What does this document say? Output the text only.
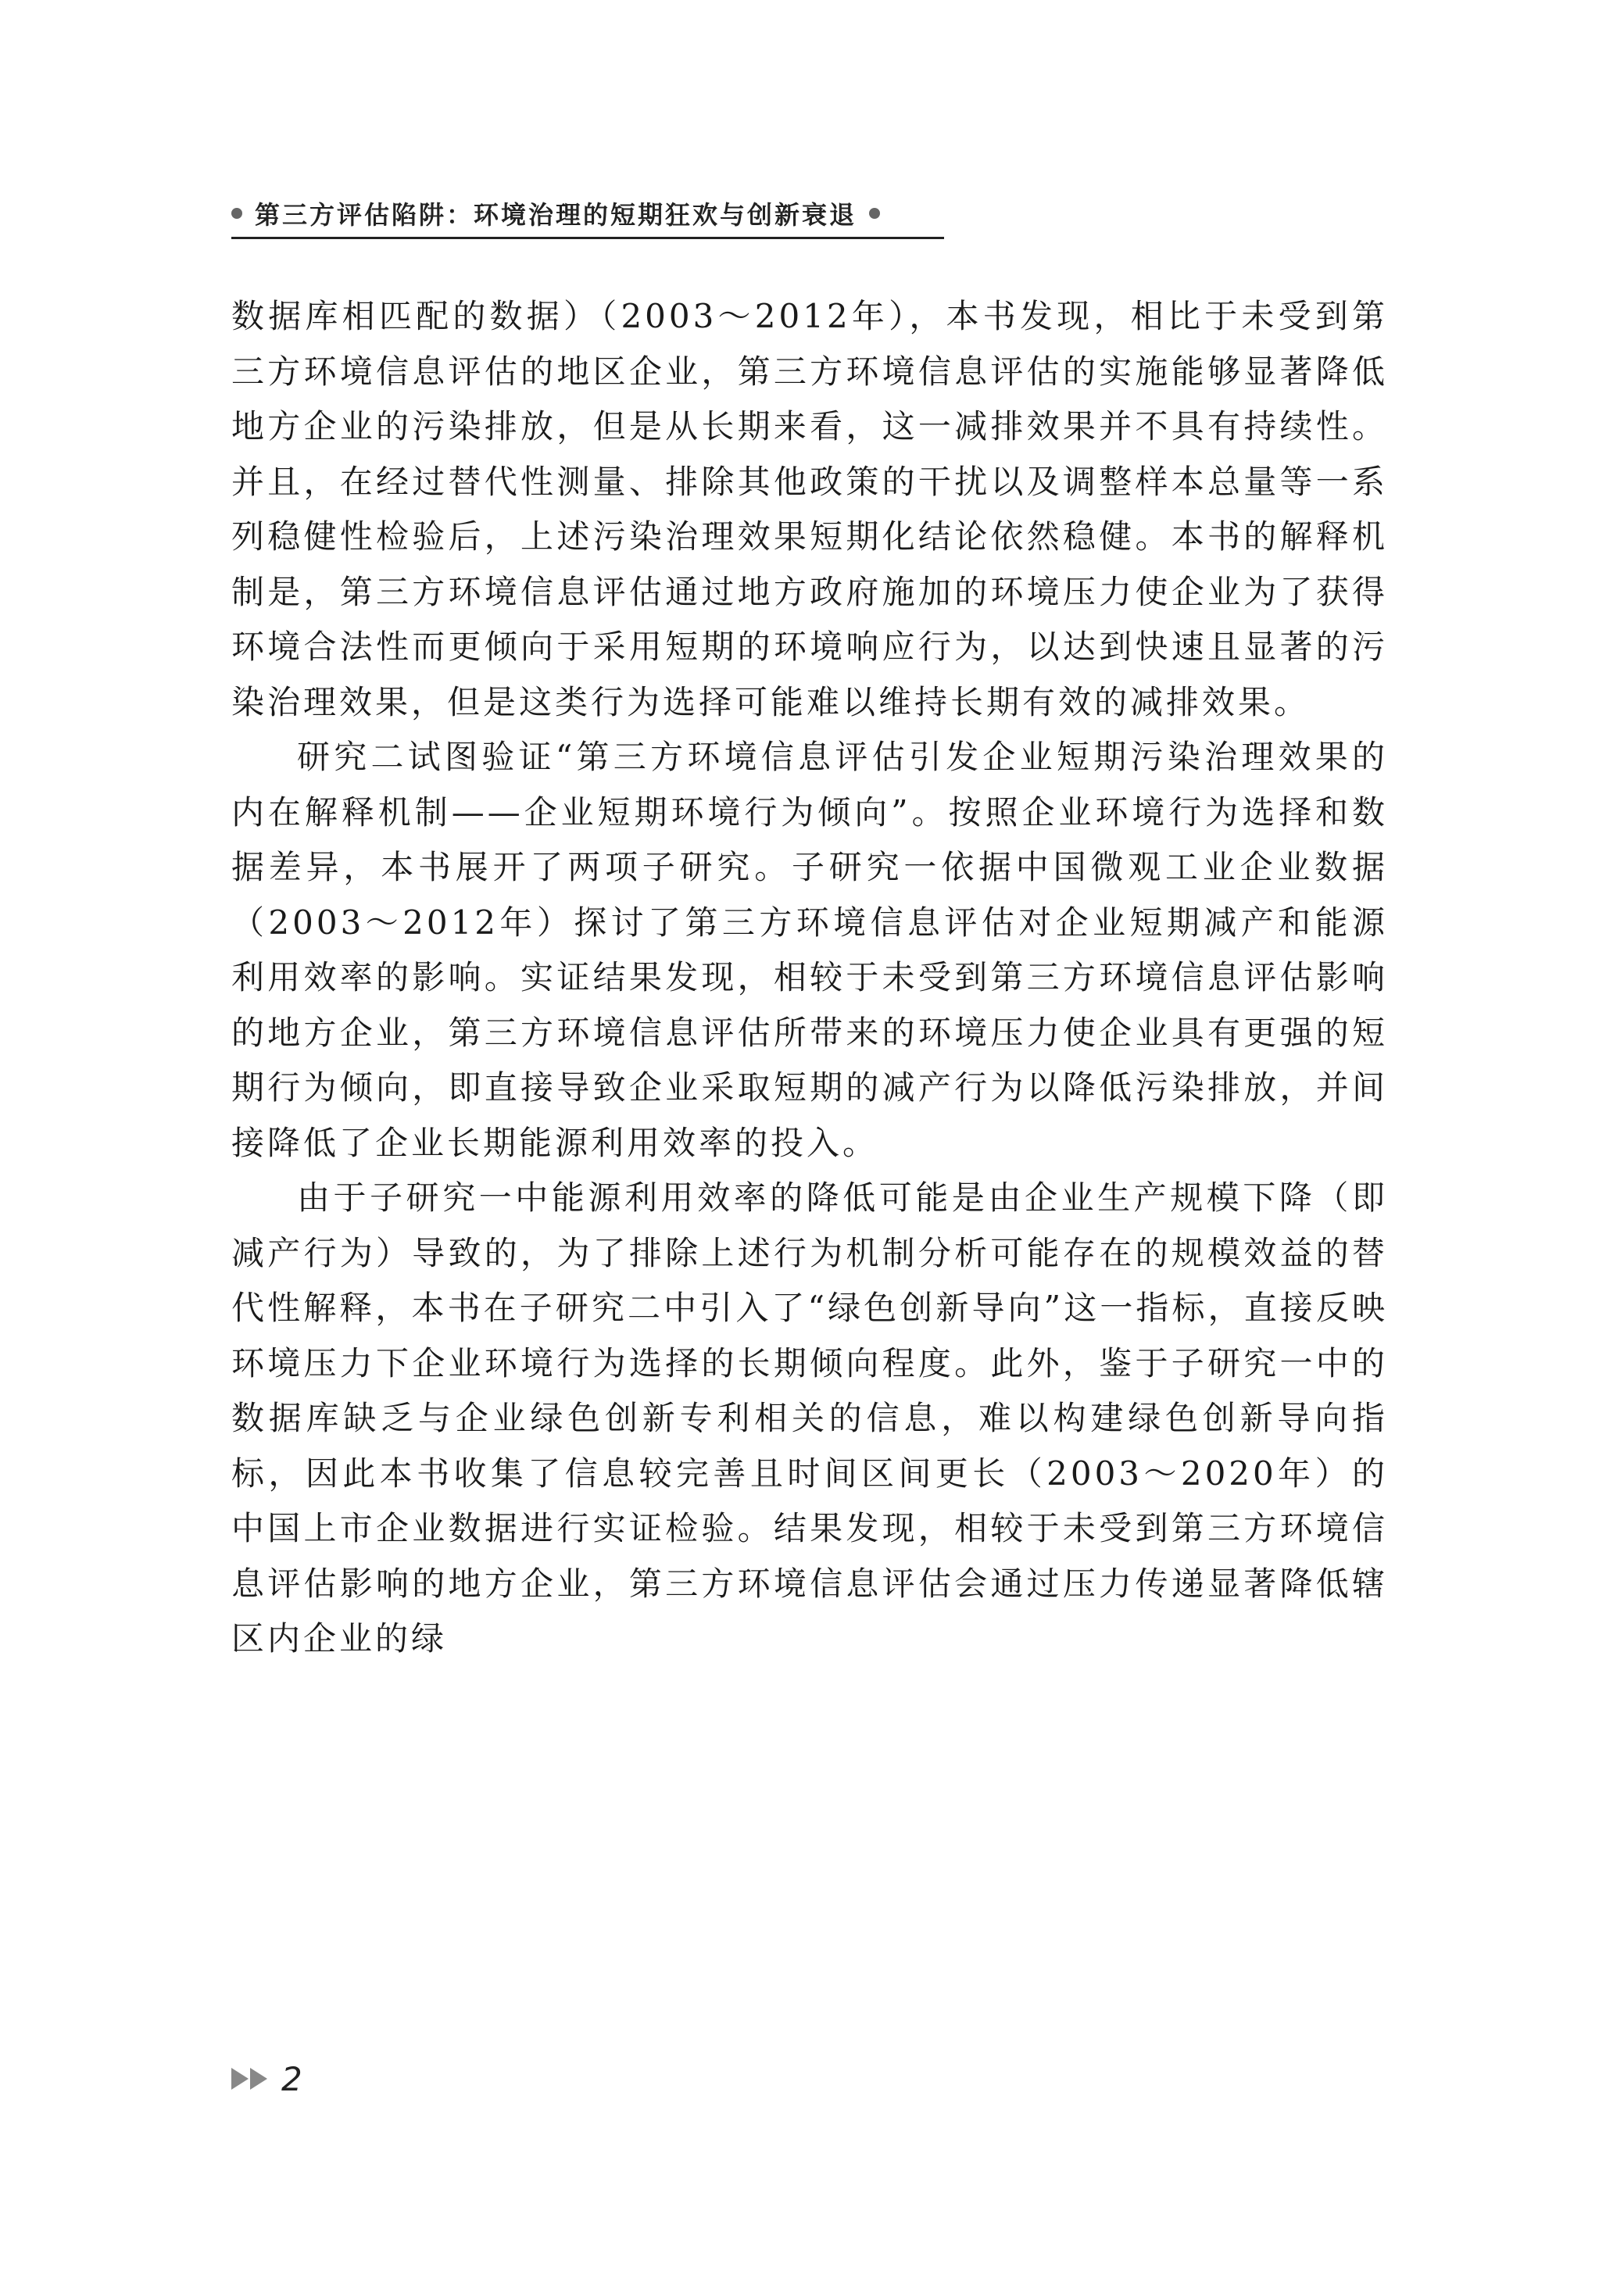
第三方评估陷阱：环境治理的短期狂欢与创新衰退

数据库相匹配的数据）（2003～2012年），本书发现，相比于未受到第三方环境信息评估的地区企业，第三方环境信息评估的实施能够显著降低地方企业的污染排放，但是从长期来看，这一减排效果并不具有持续性。并且，在经过替代性测量、排除其他政策的干扰以及调整样本总量等一系列稳健性检验后，上述污染治理效果短期化结论依然稳健。本书的解释机制是，第三方环境信息评估通过地方政府施加的环境压力使企业为了获得环境合法性而更倾向于采用短期的环境响应行为，以达到快速且显著的污染治理效果，但是这类行为选择可能难以维持长期有效的减排效果。

研究二试图验证“第三方环境信息评估引发企业短期污染治理效果的内在解释机制——企业短期环境行为倾向”。按照企业环境行为选择和数据差异，本书展开了两项子研究。子研究一依据中国微观工业企业数据（2003～2012年）探讨了第三方环境信息评估对企业短期减产和能源利用效率的影响。实证结果发现，相较于未受到第三方环境信息评估影响的地方企业，第三方环境信息评估所带来的环境压力使企业具有更强的短期行为倾向，即直接导致企业采取短期的减产行为以降低污染排放，并间接降低了企业长期能源利用效率的投入。

由于子研究一中能源利用效率的降低可能是由企业生产规模下降（即减产行为）导致的，为了排除上述行为机制分析可能存在的规模效益的替代性解释，本书在子研究二中引入了“绿色创新导向”这一指标，直接反映环境压力下企业环境行为选择的长期倾向程度。此外，鉴于子研究一中的数据库缺乏与企业绿色创新专利相关的信息，难以构建绿色创新导向指标，因此本书收集了信息较完善且时间区间更长（2003～2020年）的中国上市企业数据进行实证检验。结果发现，相较于未受到第三方环境信息评估影响的地方企业，第三方环境信息评估会通过压力传递显著降低辖区内企业的绿

2
